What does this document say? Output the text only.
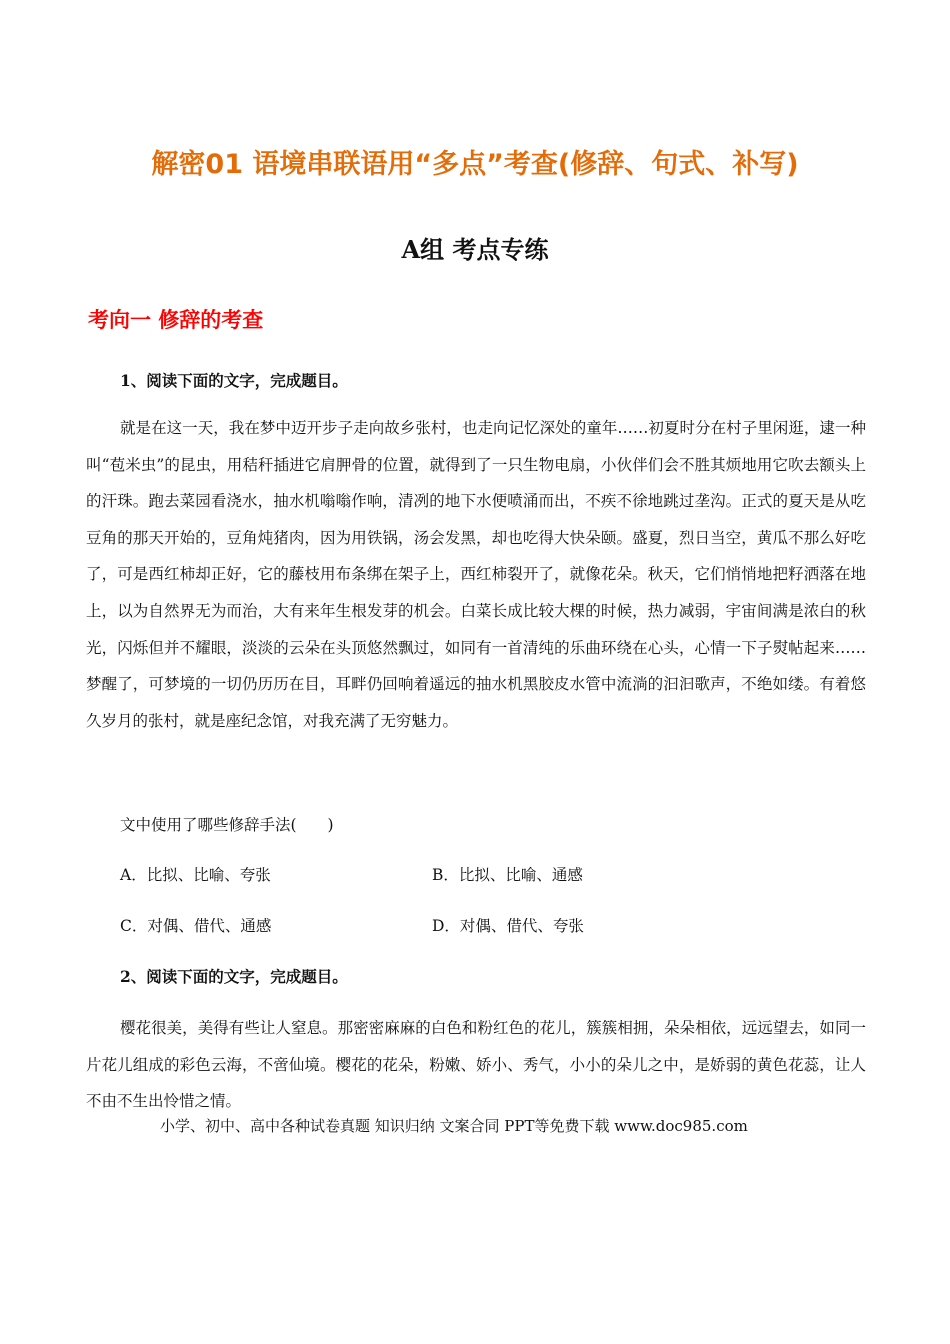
解密01 语境串联语用“多点”考查(修辞、句式、补写)
A组 考点专练
考向一 修辞的考查
1、阅读下面的文字，完成题目。

就是在这一天，我在梦中迈开步子走向故乡张村，也走向记忆深处的童年……初夏时分在村子里闲逛，逮一种叫“苞米虫”的昆虫，用秸秆插进它肩胛骨的位置，就得到了一只生物电扇，小伙伴们会不胜其烦地用它吹去额头上的汗珠。跑去菜园看浇水，抽水机嗡嗡作响，清冽的地下水便喷涌而出，不疾不徐地跳过垄沟。正式的夏天是从吃豆角的那天开始的，豆角炖猪肉，因为用铁锅，汤会发黑，却也吃得大快朵颐。盛夏，烈日当空，黄瓜不那么好吃了，可是西红柿却正好，它的藤枝用布条绑在架子上，西红柿裂开了，就像花朵。秋天，它们悄悄地把籽洒落在地上，以为自然界无为而治，大有来年生根发芽的机会。白菜长成比较大棵的时候，热力减弱，宇宙间满是浓白的秋光，闪烁但并不耀眼，淡淡的云朵在头顶悠然飘过，如同有一首清纯的乐曲环绕在心头，心情一下子熨帖起来……梦醒了，可梦境的一切仍历历在目，耳畔仍回响着遥远的抽水机黑胶皮水管中流淌的汩汩歌声，不绝如缕。有着悠久岁月的张村，就是座纪念馆，对我充满了无穷魅力。

文中使用了哪些修辞手法(　　)
A．比拟、比喻、夸张	B．比拟、比喻、通感
C．对偶、借代、通感	D．对偶、借代、夸张
2、阅读下面的文字，完成题目。

樱花很美，美得有些让人窒息。那密密麻麻的白色和粉红色的花儿，簇簇相拥，朵朵相依，远远望去，如同一片花儿组成的彩色云海，不啻仙境。樱花的花朵，粉嫩、娇小、秀气，小小的朵儿之中，是娇弱的黄色花蕊，让人不由不生出怜惜之情。

小学、初中、高中各种试卷真题 知识归纳 文案合同 PPT等免费下载 www.doc985.com
